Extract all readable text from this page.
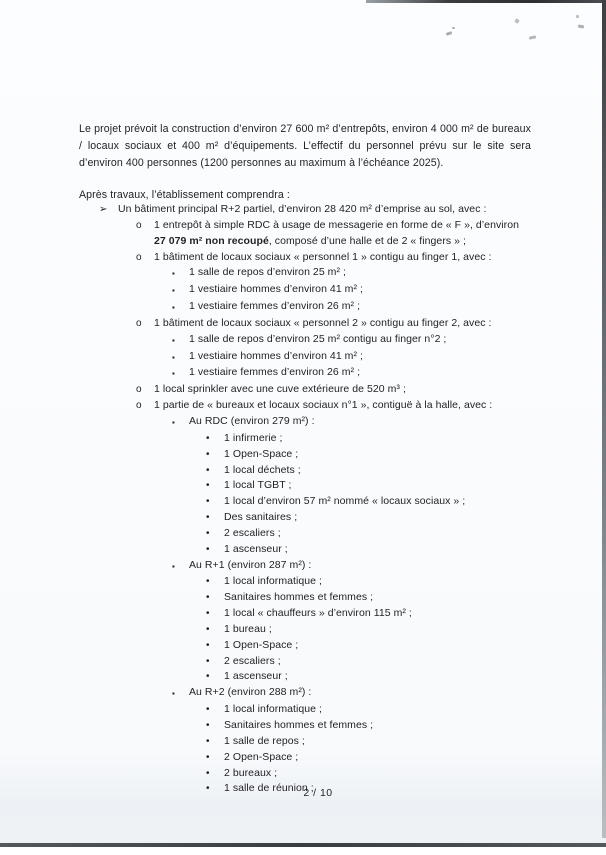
Le projet prévoit la construction d’environ 27 600 m² d’entrepôts, environ 4 000 m² de bureaux / locaux sociaux et 400 m² d’équipements. L’effectif du personnel prévu sur le site sera d’environ 400 personnes (1200 personnes au maximum à l’échéance 2025).

Après travaux, l’établissement comprendra :

➢	Un bâtiment principal R+2 partiel, d’environ 28 420 m² d’emprise au sol, avec :
o	1 entrepôt à simple RDC à usage de messagerie en forme de « F », d’environ
27 079 m² non recoupé, composé d’une halle et de 2 « fingers » ;
o	1 bâtiment de locaux sociaux « personnel 1 » contigu au finger 1, avec :
▪	1 salle de repos d’environ 25 m² ;
▪	1 vestiaire hommes d’environ 41 m² ;
▪	1 vestiaire femmes d’environ 26 m² ;
o	1 bâtiment de locaux sociaux « personnel 2 » contigu au finger 2, avec :
▪	1 salle de repos d’environ 25 m² contigu au finger n°2 ;
▪	1 vestiaire hommes d’environ 41 m² ;
▪	1 vestiaire femmes d’environ 26 m² ;
o	1 local sprinkler avec une cuve extérieure de 520 m³ ;
o	1 partie de « bureaux et locaux sociaux n°1 », contiguë à la halle, avec :
▪	Au RDC (environ 279 m²) :
•	1 infirmerie ;
•	1 Open-Space ;
•	1 local déchets ;
•	1 local TGBT ;
•	1 local d’environ 57 m² nommé « locaux sociaux » ;
•	Des sanitaires ;
•	2 escaliers ;
•	1 ascenseur ;
▪	Au R+1 (environ 287 m²) :
•	1 local informatique ;
•	Sanitaires hommes et femmes ;
•	1 local « chauffeurs » d’environ 115 m² ;
•	1 bureau ;
•	1 Open-Space ;
•	2 escaliers ;
•	1 ascenseur ;
▪	Au R+2 (environ 288 m²) :
•	1 local informatique ;
•	Sanitaires hommes et femmes ;
•	1 salle de repos ;
•	2 Open-Space ;
•	2 bureaux ;
•	1 salle de réunion ;
2 / 10
